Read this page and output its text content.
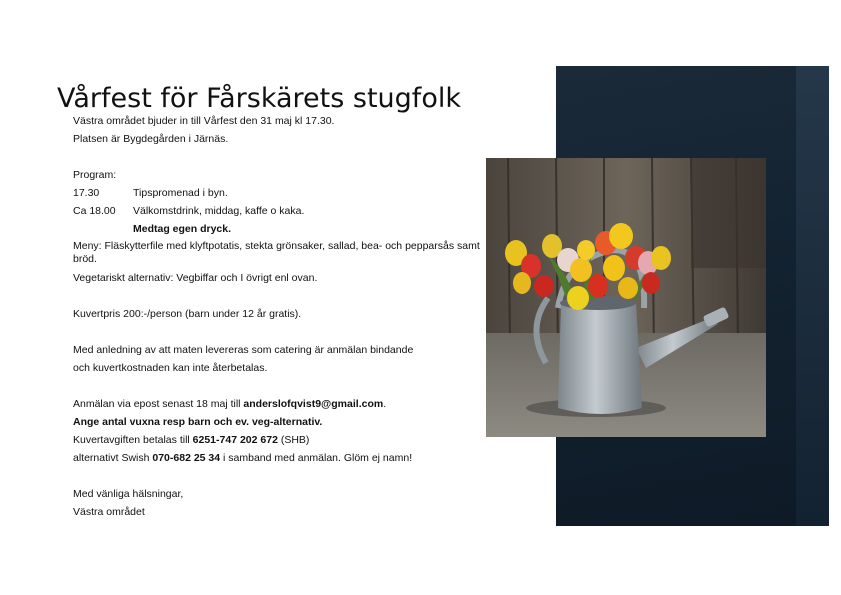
Vårfest för Fårskärets stugfolk
Västra området bjuder in till Vårfest den 31 maj kl 17.30.
Platsen är Bygdegården i Järnäs.
Program:
17.30	Tipspromenad i byn.
Ca 18.00 Välkomstdrink, middag, kaffe o kaka.
Medtag egen dryck.
Meny: Fläskytterfile med klyftpotatis, stekta grönsaker, sallad, bea- och pepparsås samt bröd.
Vegetariskt alternativ: Vegbiffar och I övrigt enl ovan.
Kuvertpris 200:-/person (barn under 12 år gratis).
Med anledning av att maten levereras som catering är anmälan bindande
och kuvertkostnaden kan inte återbetalas.
Anmälan via epost senast 18 maj till anderslofqvist9@gmail.com.
Ange antal vuxna resp barn och ev. veg-alternativ.
Kuvertavgiften betalas till 6251-747 202 672 (SHB)
alternativt Swish 070-682 25 34 i samband med anmälan. Glöm ej namn!
Med vänliga hälsningar,
Västra området
